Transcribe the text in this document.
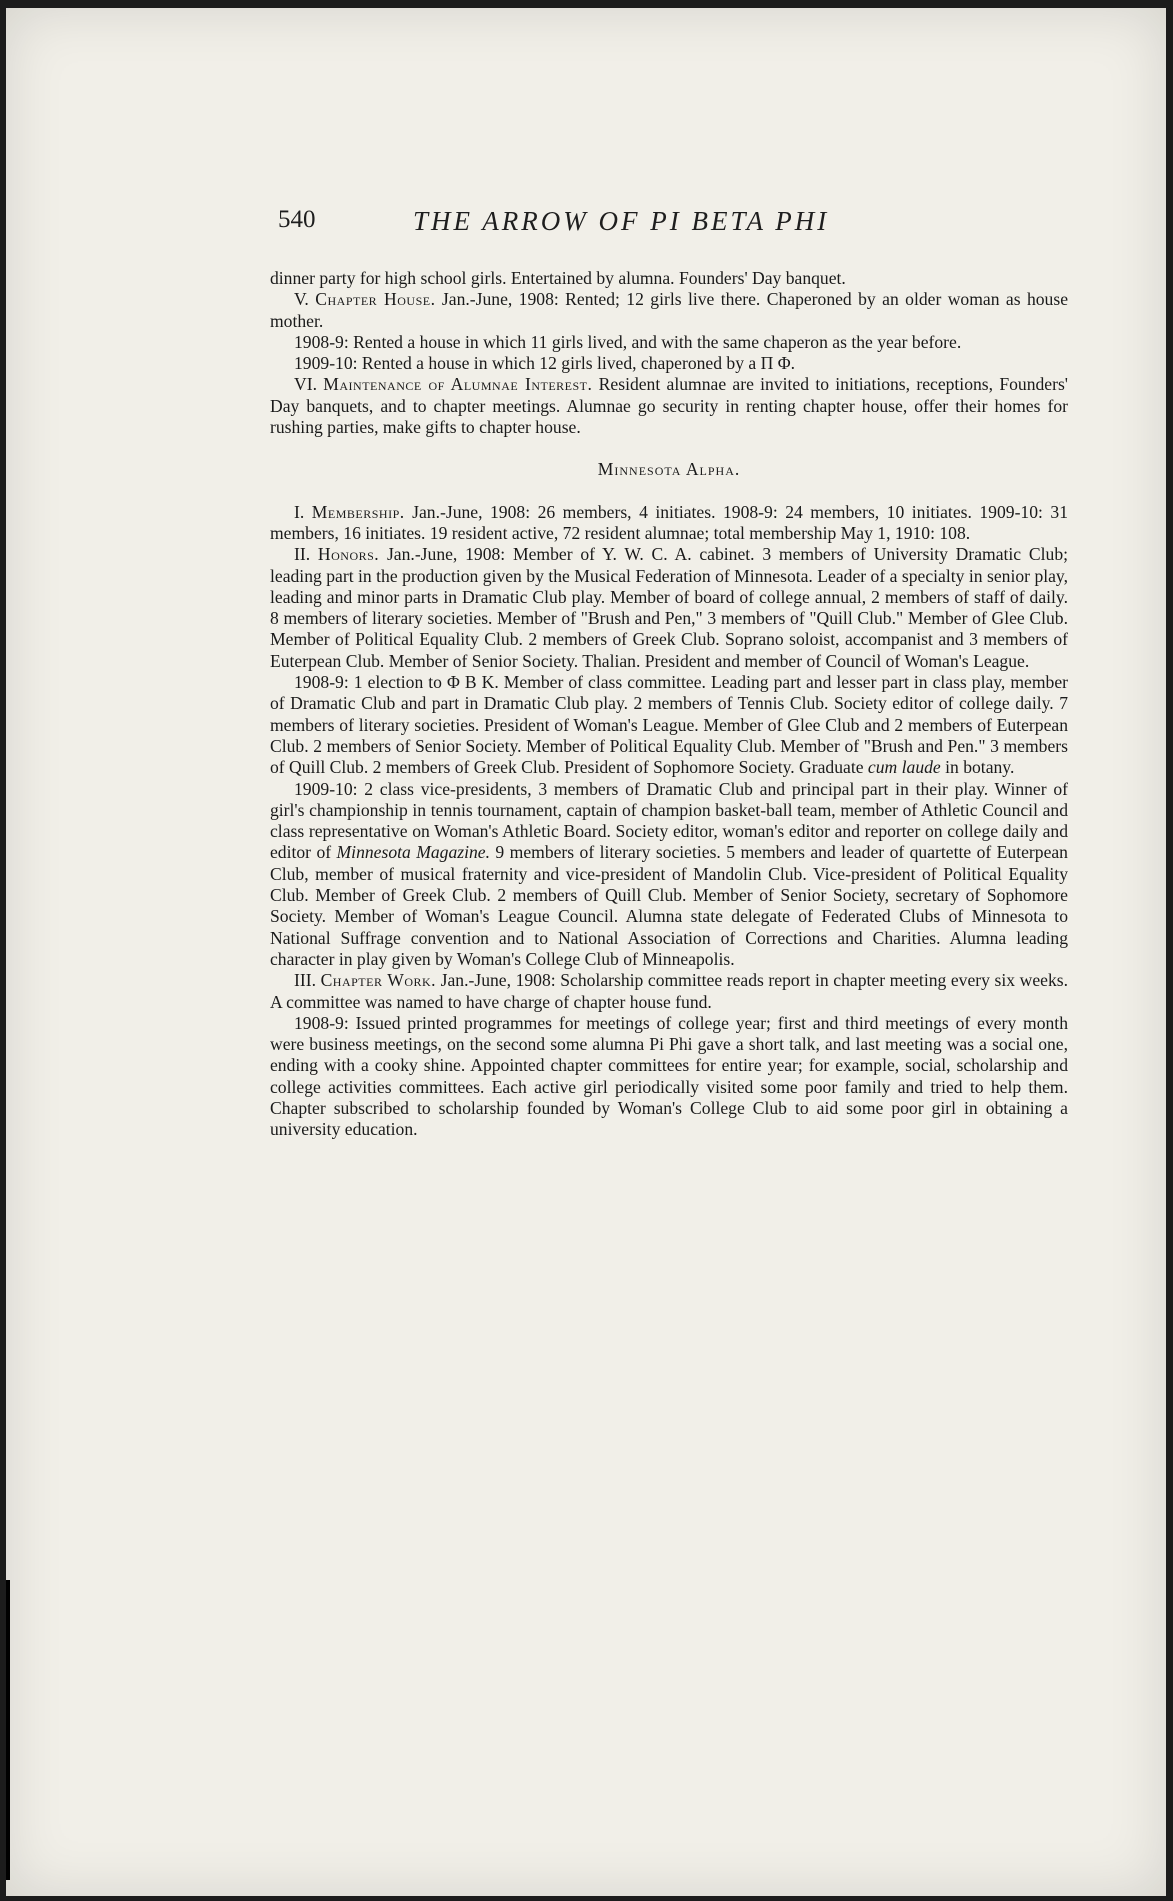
540	THE ARROW OF PI BETA PHI

dinner party for high school girls. Entertained by alumna. Founders' Day banquet.

V. Chapter House. Jan.-June, 1908: Rented; 12 girls live there. Chaperoned by an older woman as house mother.

1908-9: Rented a house in which 11 girls lived, and with the same chaperon as the year before.

1909-10: Rented a house in which 12 girls lived, chaperoned by a Π Φ.

VI. Maintenance of Alumnae Interest. Resident alumnae are invited to initiations, receptions, Founders' Day banquets, and to chapter meetings. Alumnae go security in renting chapter house, offer their homes for rushing parties, make gifts to chapter house.

Minnesota Alpha.

I. Membership. Jan.-June, 1908: 26 members, 4 initiates. 1908-9: 24 members, 10 initiates. 1909-10: 31 members, 16 initiates. 19 resident active, 72 resident alumnae; total membership May 1, 1910: 108.

II. Honors. Jan.-June, 1908: Member of Y. W. C. A. cabinet. 3 members of University Dramatic Club; leading part in the production given by the Musical Federation of Minnesota. Leader of a specialty in senior play, leading and minor parts in Dramatic Club play. Member of board of college annual, 2 members of staff of daily. 8 members of literary societies. Member of "Brush and Pen," 3 members of "Quill Club." Member of Glee Club. Member of Political Equality Club. 2 members of Greek Club. Soprano soloist, accompanist and 3 members of Euterpean Club. Member of Senior Society. Thalian. President and member of Council of Woman's League.

1908-9: 1 election to Φ B K. Member of class committee. Leading part and lesser part in class play, member of Dramatic Club and part in Dramatic Club play. 2 members of Tennis Club. Society editor of college daily. 7 members of literary societies. President of Woman's League. Member of Glee Club and 2 members of Euterpean Club. 2 members of Senior Society. Member of Political Equality Club. Member of "Brush and Pen." 3 members of Quill Club. 2 members of Greek Club. President of Sophomore Society. Graduate cum laude in botany.

1909-10: 2 class vice-presidents, 3 members of Dramatic Club and principal part in their play. Winner of girl's championship in tennis tournament, captain of champion basket-ball team, member of Athletic Council and class representative on Woman's Athletic Board. Society editor, woman's editor and reporter on college daily and editor of Minnesota Magazine. 9 members of literary societies. 5 members and leader of quartette of Euterpean Club, member of musical fraternity and vice-president of Mandolin Club. Vice-president of Political Equality Club. Member of Greek Club. 2 members of Quill Club. Member of Senior Society, secretary of Sophomore Society. Member of Woman's League Council. Alumna state delegate of Federated Clubs of Minnesota to National Suffrage convention and to National Association of Corrections and Charities. Alumna leading character in play given by Woman's College Club of Minneapolis.

III. Chapter Work. Jan.-June, 1908: Scholarship committee reads report in chapter meeting every six weeks. A committee was named to have charge of chapter house fund.

1908-9: Issued printed programmes for meetings of college year; first and third meetings of every month were business meetings, on the second some alumna Pi Phi gave a short talk, and last meeting was a social one, ending with a cooky shine. Appointed chapter committees for entire year; for example, social, scholarship and college activities committees. Each active girl periodically visited some poor family and tried to help them. Chapter subscribed to scholarship founded by Woman's College Club to aid some poor girl in obtaining a university education.
